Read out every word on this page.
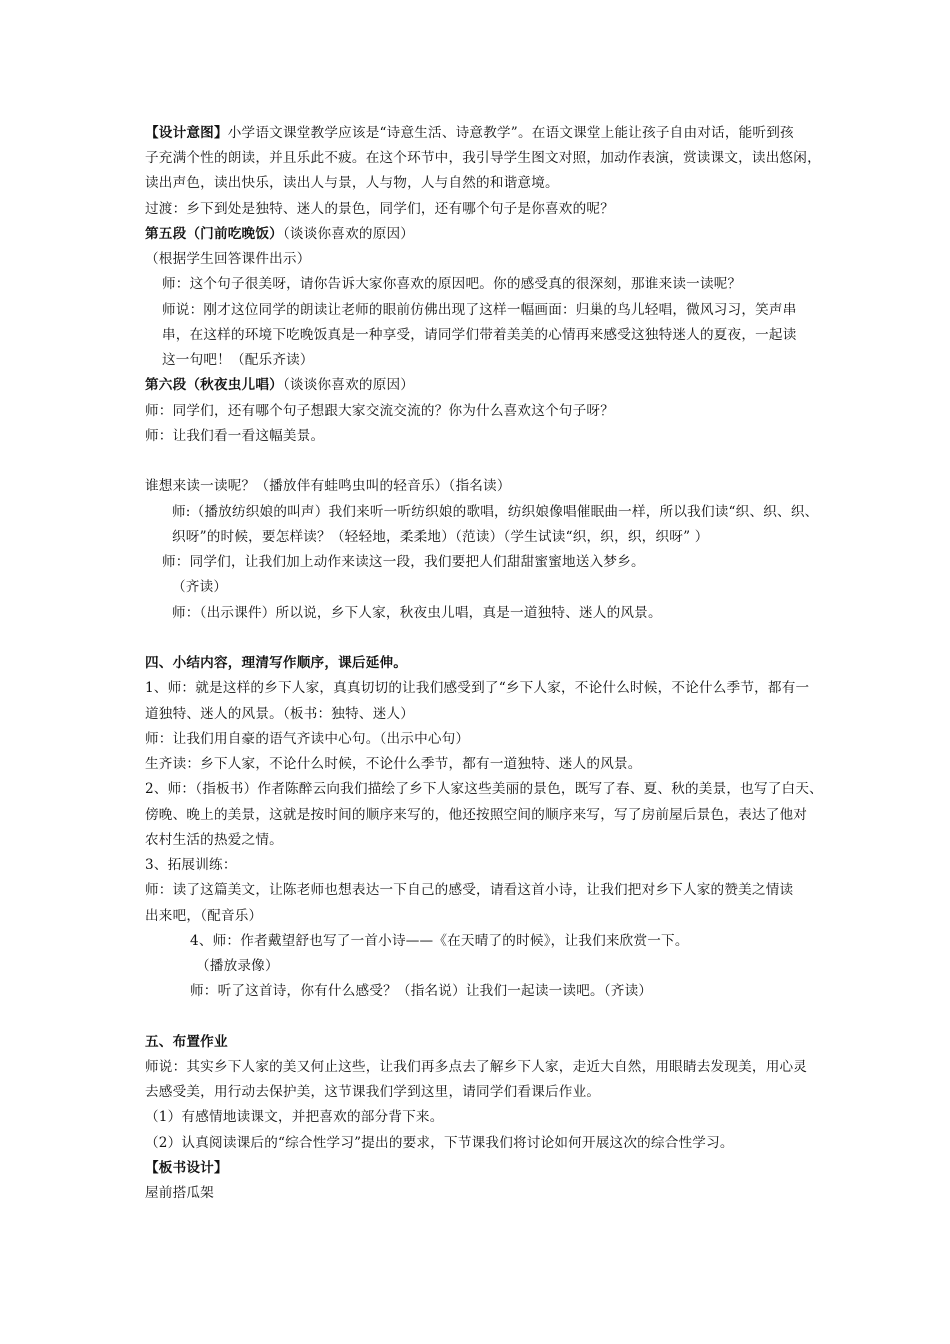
【设计意图】小学语文课堂教学应该是“诗意生活、诗意教学”。在语文课堂上能让孩子自由对话，能听到孩
子充满个性的朗读，并且乐此不疲。在这个环节中，我引导学生图文对照，加动作表演，赏读课文，读出悠闲，
读出声色，读出快乐，读出人与景，人与物，人与自然的和谐意境。
过渡：乡下到处是独特、迷人的景色，同学们，还有哪个句子是你喜欢的呢？
第五段（门前吃晚饭）（谈谈你喜欢的原因）
（根据学生回答课件出示）
师：这个句子很美呀，请你告诉大家你喜欢的原因吧。你的感受真的很深刻，那谁来读一读呢？
师说：刚才这位同学的朗读让老师的眼前仿佛出现了这样一幅画面：归巢的鸟儿轻唱，微风习习，笑声串
串，在这样的环境下吃晚饭真是一种享受，请同学们带着美美的心情再来感受这独特迷人的夏夜，一起读
这一句吧！（配乐齐读）
第六段（秋夜虫儿唱）（谈谈你喜欢的原因）
师：同学们，还有哪个句子想跟大家交流交流的？你为什么喜欢这个句子呀？
师：让我们看一看这幅美景。
谁想来读一读呢？（播放伴有蛙鸣虫叫的轻音乐）（指名读）
师:（播放纺织娘的叫声）我们来听一听纺织娘的歌唱，纺织娘像唱催眠曲一样，所以我们读“织、织、织、
织呀”的时候，要怎样读？（轻轻地，柔柔地）（范读）（学生试读“织，织，织，织呀” ）
师：同学们，让我们加上动作来读这一段，我们要把人们甜甜蜜蜜地送入梦乡。
（齐读）
师：（出示课件）所以说，乡下人家，秋夜虫儿唱，真是一道独特、迷人的风景。
四、小结内容，理清写作顺序，课后延伸。
1、师：就是这样的乡下人家，真真切切的让我们感受到了“乡下人家，不论什么时候，不论什么季节，都有一
道独特、迷人的风景。（板书：独特、迷人）
师：让我们用自豪的语气齐读中心句。（出示中心句）
生齐读：乡下人家，不论什么时候，不论什么季节，都有一道独特、迷人的风景。
2、师：（指板书）作者陈醉云向我们描绘了乡下人家这些美丽的景色，既写了春、夏、秋的美景，也写了白天、
傍晚、晚上的美景，这就是按时间的顺序来写的，他还按照空间的顺序来写，写了房前屋后景色，表达了他对
农村生活的热爱之情。
3、拓展训练：
师：读了这篇美文，让陈老师也想表达一下自己的感受，请看这首小诗，让我们把对乡下人家的赞美之情读
出来吧，（配音乐）
4、师：作者戴望舒也写了一首小诗——《在天晴了的时候》，让我们来欣赏一下。
（播放录像）
师：听了这首诗，你有什么感受？（指名说）让我们一起读一读吧。（齐读）
五、布置作业
师说：其实乡下人家的美又何止这些，让我们再多点去了解乡下人家，走近大自然，用眼睛去发现美，用心灵
去感受美，用行动去保护美，这节课我们学到这里，请同学们看课后作业。
（1）有感情地读课文，并把喜欢的部分背下来。
（2）认真阅读课后的“综合性学习”提出的要求，下节课我们将讨论如何开展这次的综合性学习。
【板书设计】
屋前搭瓜架
